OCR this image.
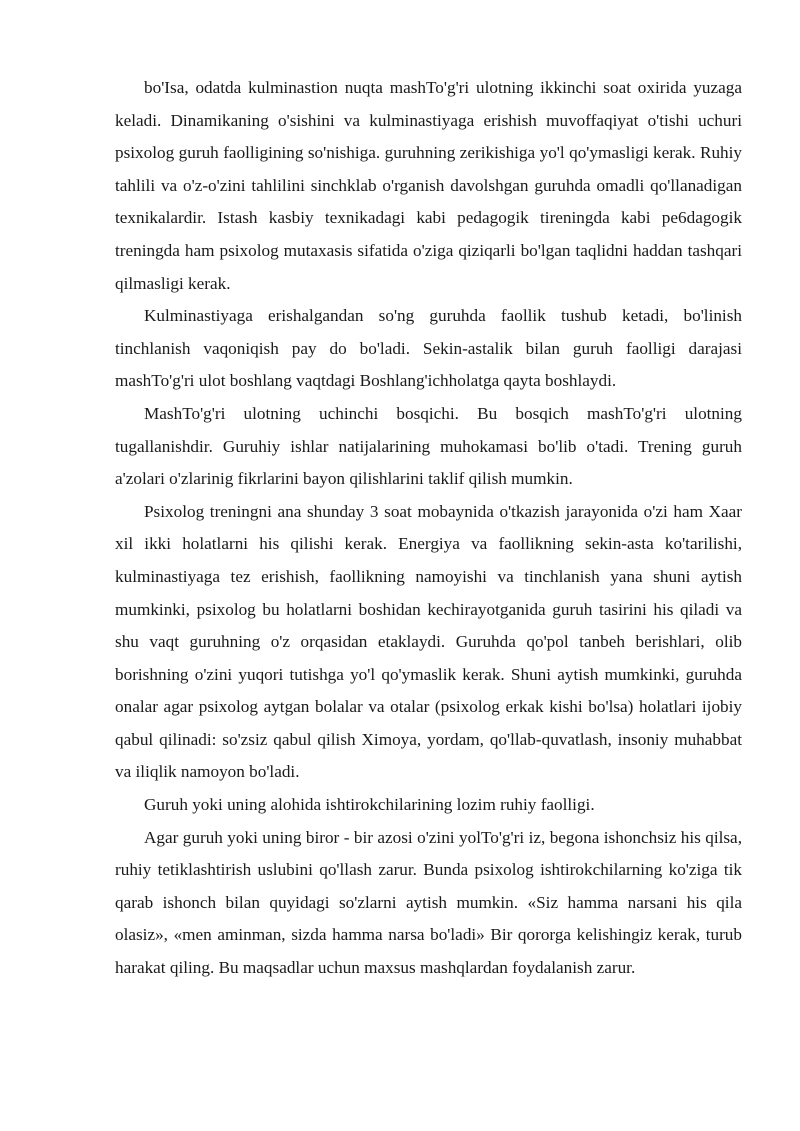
bo'Isa, odatda kulminastion nuqta mashTo'g'ri ulotning ikkinchi soat oxirida yuzaga keladi. Dinamikaning o'sishini va kulminastiyaga erishish muvoffaqiyat o'tishi uchuri psixolog guruh faolligining so'nishiga. guruhning zerikishiga yo'l qo'ymasligi kerak. Ruhiy tahlili va o'z-o'zini tahlilini sinchklab o'rganish davolshgan guruhda omadli qo'llanadigan texnikalardir. Istash kasbiy texnikadagi kabi pedagogik tireningda kabi pe6dagogik treningda ham psixolog mutaxasis sifatida o'ziga qiziqarli bo'lgan taqlidni haddan tashqari qilmasligi kerak.

Kulminastiyaga erishalgandan so'ng guruhda faollik tushub ketadi, bo'linish tinchlanish vaqoniqish pay do bo'ladi. Sekin-astalik bilan guruh faolligi darajasi mashTo'g'ri ulot boshlang vaqtdagi Boshlang'ichholatga qayta boshlaydi.

MashTo'g'ri ulotning uchinchi bosqichi. Bu bosqich mashTo'g'ri ulotning tugallanishdir. Guruhiy ishlar natijalarining muhokamasi bo'lib o'tadi. Trening guruh a'zolari o'zlarinig fikrlarini bayon qilishlarini taklif qilish mumkin.

Psixolog treningni ana shunday 3 soat mobaynida o'tkazish jarayonida o'zi ham Xaar xil ikki holatlarni his qilishi kerak. Energiya va faollikning sekin-asta ko'tarilishi, kulminastiyaga tez erishish, faollikning namoyishi va tinchlanish yana shuni aytish mumkinki, psixolog bu holatlarni boshidan kechirayotganida guruh tasirini his qiladi va shu vaqt guruhning o'z orqasidan etaklaydi. Guruhda qo'pol tanbeh berishlari, olib borishning o'zini yuqori tutishga yo'l qo'ymaslik kerak. Shuni aytish mumkinki, guruhda onalar agar psixolog aytgan bolalar va otalar (psixolog erkak kishi bo'lsa) holatlari ijobiy qabul qilinadi: so'zsiz qabul qilish Ximoya, yordam, qo'llab-quvatlash, insoniy muhabbat va iliqlik namoyon bo'ladi.

Guruh yoki uning alohida ishtirokchilarining lozim ruhiy faolligi.

Agar guruh yoki uning biror - bir azosi o'zini yolTo'g'ri iz, begona ishonchsiz his qilsa, ruhiy tetiklashtirish uslubini qo'llash zarur. Bunda psixolog ishtirokchilarning ko'ziga tik qarab ishonch bilan quyidagi so'zlarni aytish mumkin. «Siz hamma narsani his qila olasiz», «men aminman, sizda hamma narsa bo'ladi» Bir qororga kelishingiz kerak, turub harakat qiling. Bu maqsadlar uchun maxsus mashqlardan foydalanish zarur.
